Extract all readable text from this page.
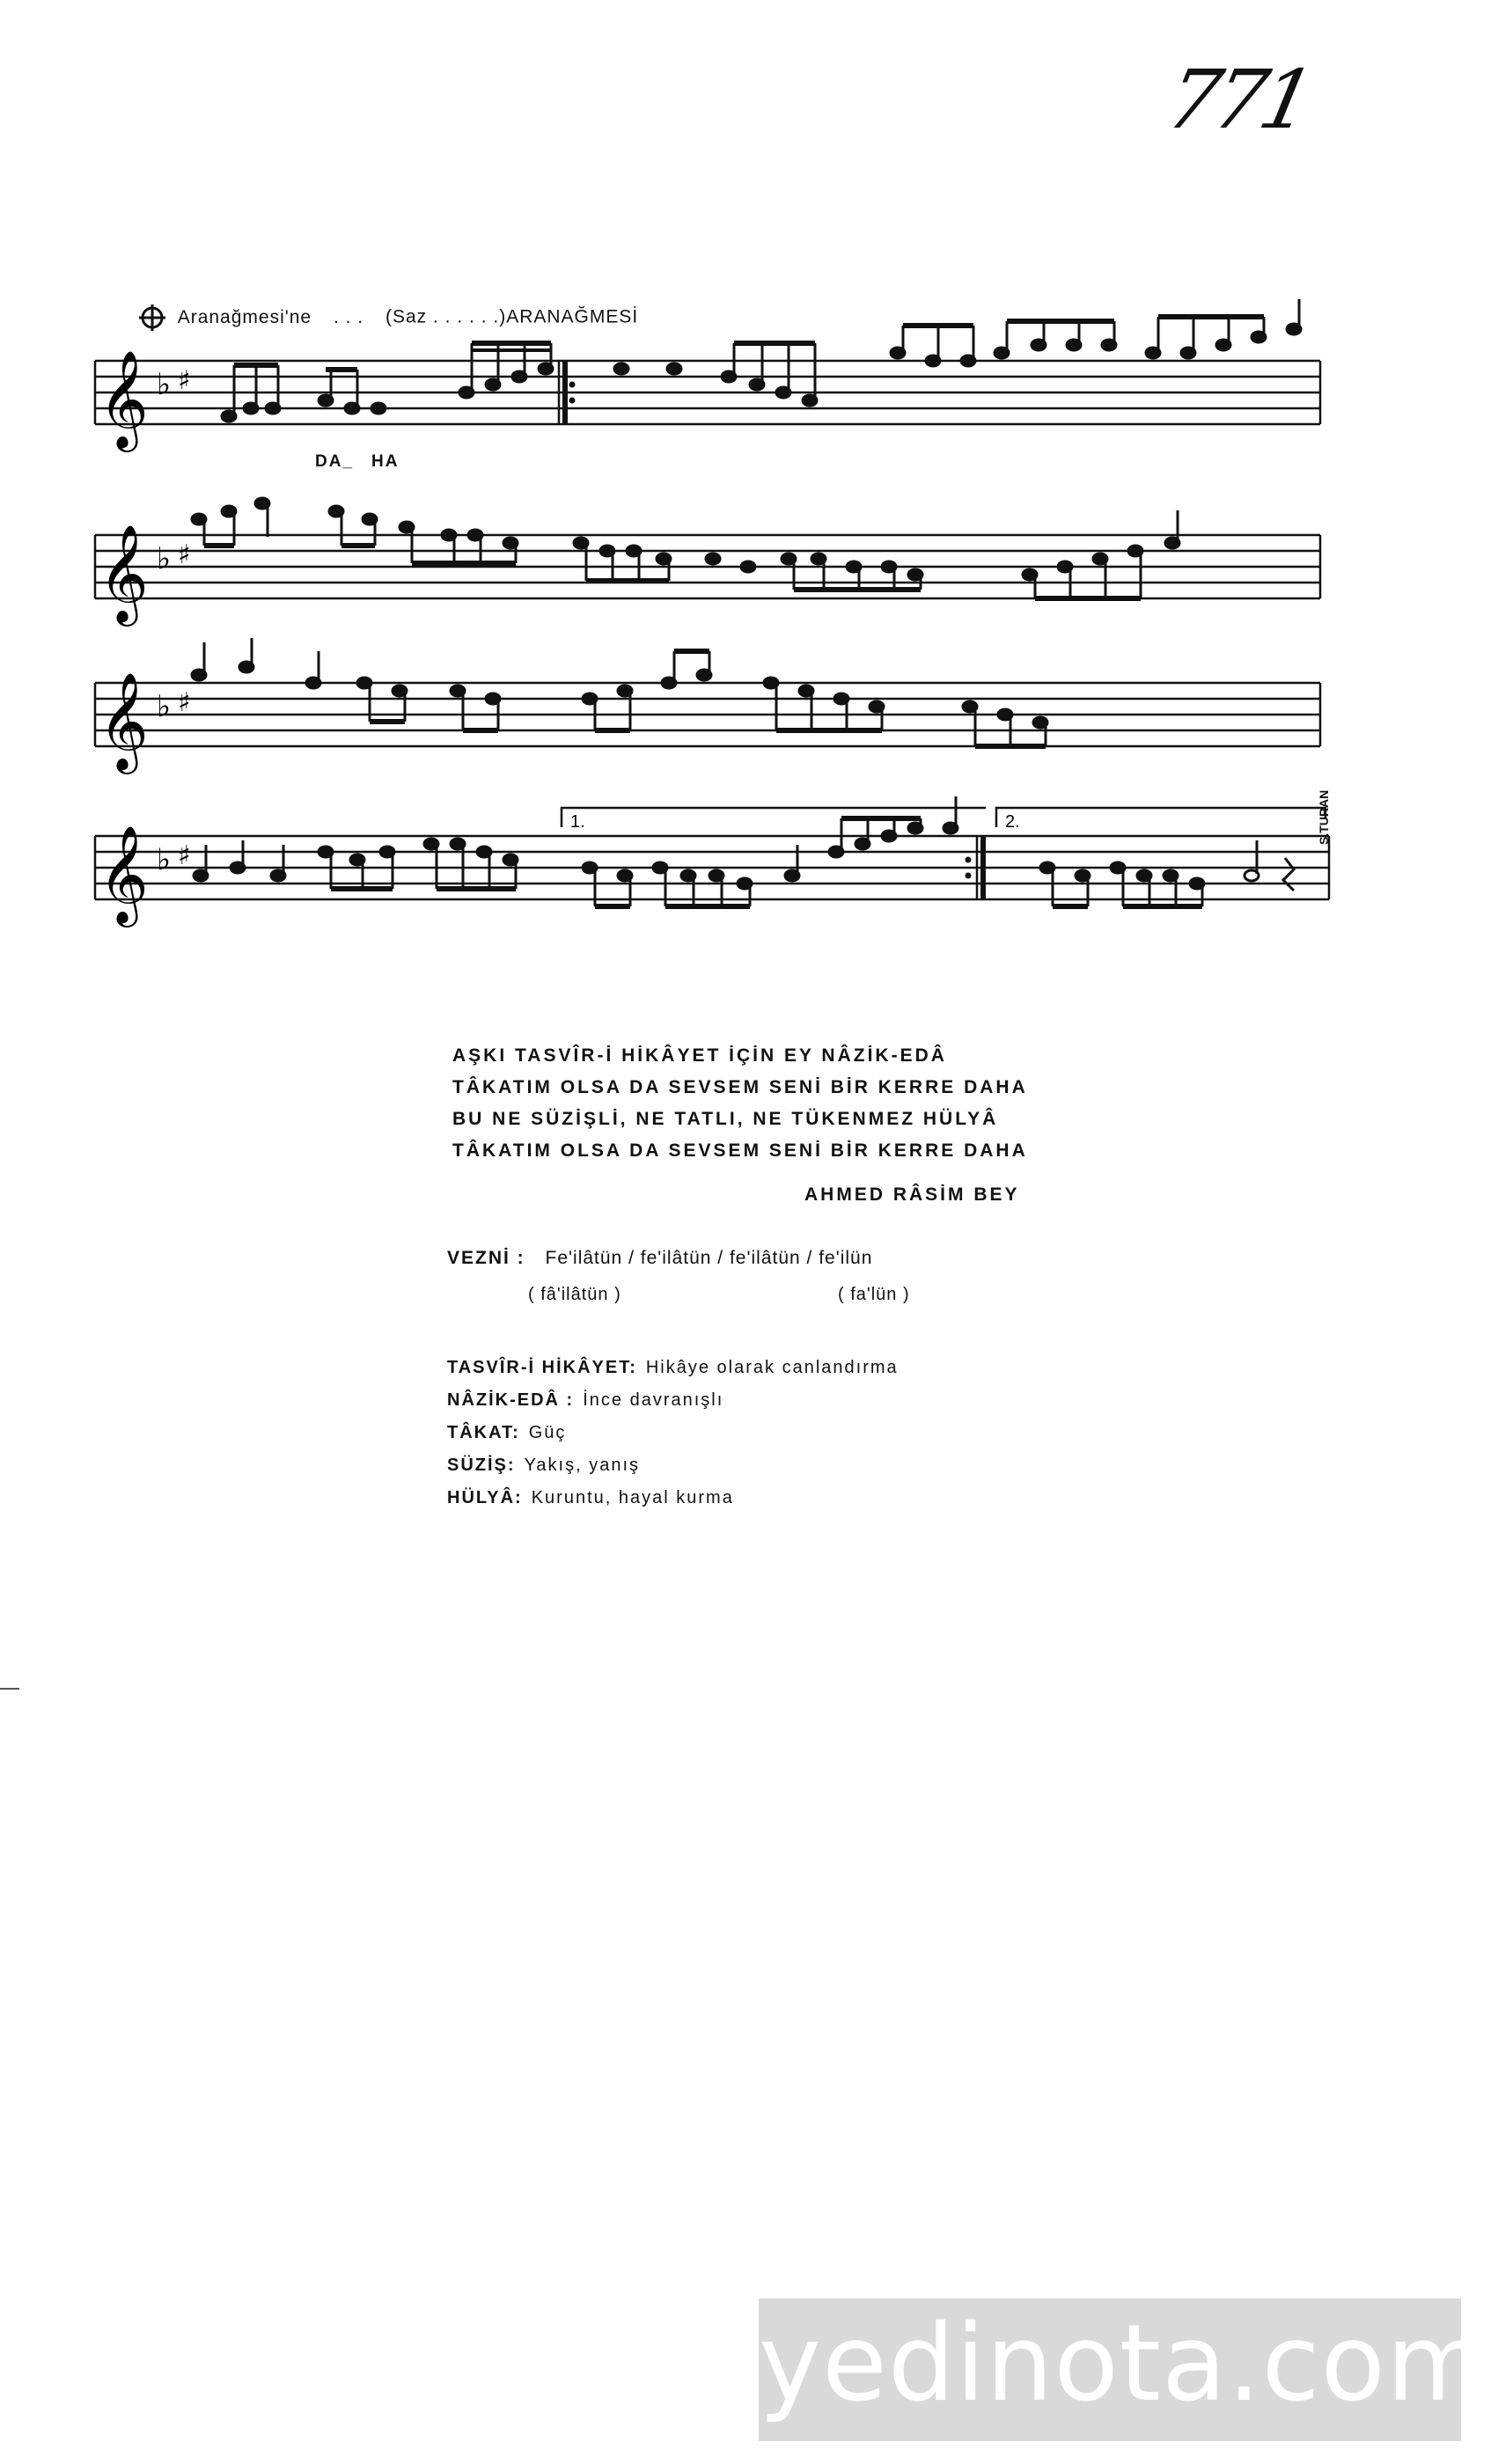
771
Aranağmesi'ne . . . (Saz . . . . . .)ARANAĞMESİ
𝄞 ♭ ♯
DA_ HA
𝄞 ♭ ♯
𝄞 ♭ ♯
𝄞 ♭ ♯
1.	2.	S.TURAN
AŞKI TASVÎR-İ HİKÂYET İÇİN EY NÂZİK-EDÂ
TÂKATIM OLSA DA SEVSEM SENİ BİR KERRE DAHA
BU NE SÜZİŞLİ, NE TATLI, NE TÜKENMEZ HÜLYÂ
TÂKATIM OLSA DA SEVSEM SENİ BİR KERRE DAHA
AHMED RÂSİM BEY
VEZNİ : Fe'ilâtün / fe'ilâtün / fe'ilâtün / fe'ilün
( fâ'ilâtün )	( fa'lün )
TASVÎR-İ HİKÂYET: Hikâye olarak canlandırma
NÂZİK-EDÂ : İnce davranışlı
TÂKAT: Güç
SÜZİŞ: Yakış, yanış
HÜLYÂ: Kuruntu, hayal kurma
yedinota.com
